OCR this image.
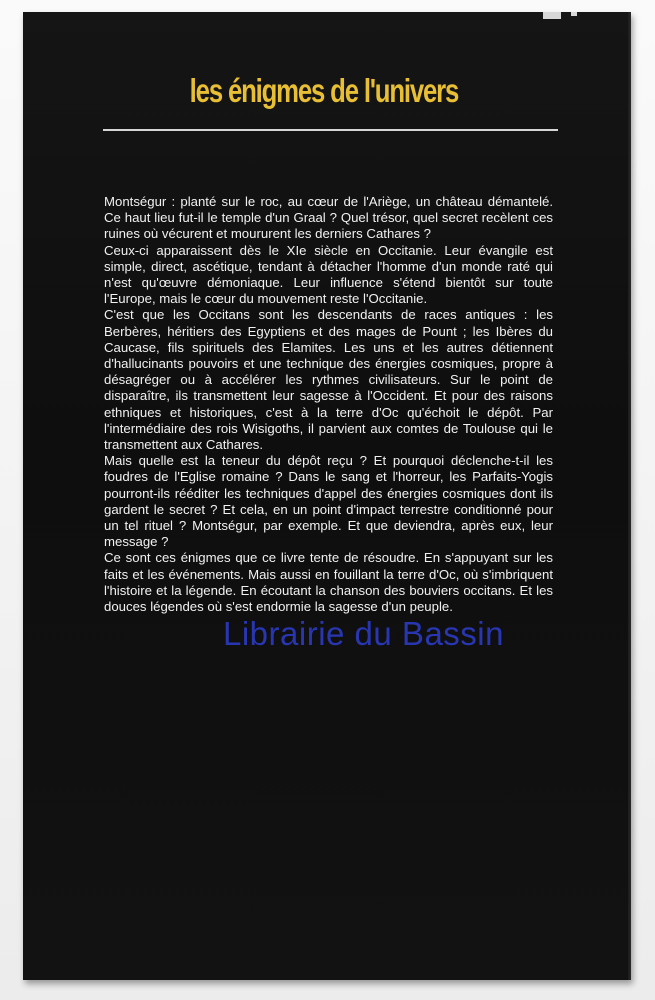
les énigmes de l'univers

Montségur : planté sur le roc, au cœur de l'Ariège, un château démantelé. Ce haut lieu fut-il le temple d'un Graal ? Quel trésor, quel secret recèlent ces ruines où vécurent et moururent les derniers Cathares ?

Ceux-ci apparaissent dès le XIe siècle en Occitanie. Leur évangile est simple, direct, ascétique, tendant à détacher l'homme d'un monde raté qui n'est qu'œuvre démoniaque. Leur influence s'étend bientôt sur toute l'Europe, mais le cœur du mouvement reste l'Occitanie.

C'est que les Occitans sont les descendants de races antiques : les Berbères, héritiers des Egyptiens et des mages de Pount ; les Ibères du Caucase, fils spirituels des Elamites. Les uns et les autres détiennent d'hallucinants pouvoirs et une technique des énergies cosmiques, propre à désagréger ou à accélérer les rythmes civilisateurs. Sur le point de disparaître, ils transmettent leur sagesse à l'Occident. Et pour des raisons ethniques et historiques, c'est à la terre d'Oc qu'échoit le dépôt. Par l'intermédiaire des rois Wisigoths, il parvient aux comtes de Toulouse qui le transmettent aux Cathares.

Mais quelle est la teneur du dépôt reçu ? Et pourquoi déclenche-t-il les foudres de l'Eglise romaine ? Dans le sang et l'horreur, les Parfaits-Yogis pourront-ils rééditer les techniques d'appel des énergies cosmiques dont ils gardent le secret ? Et cela, en un point d'impact terrestre conditionné pour un tel rituel ? Montségur, par exemple. Et que deviendra, après eux, leur message ?

Ce sont ces énigmes que ce livre tente de résoudre. En s'appuyant sur les faits et les événements. Mais aussi en fouillant la terre d'Oc, où s'imbriquent l'histoire et la légende. En écoutant la chanson des bouviers occitans. Et les douces légendes où s'est endormie la sagesse d'un peuple.

Librairie du Bassin
